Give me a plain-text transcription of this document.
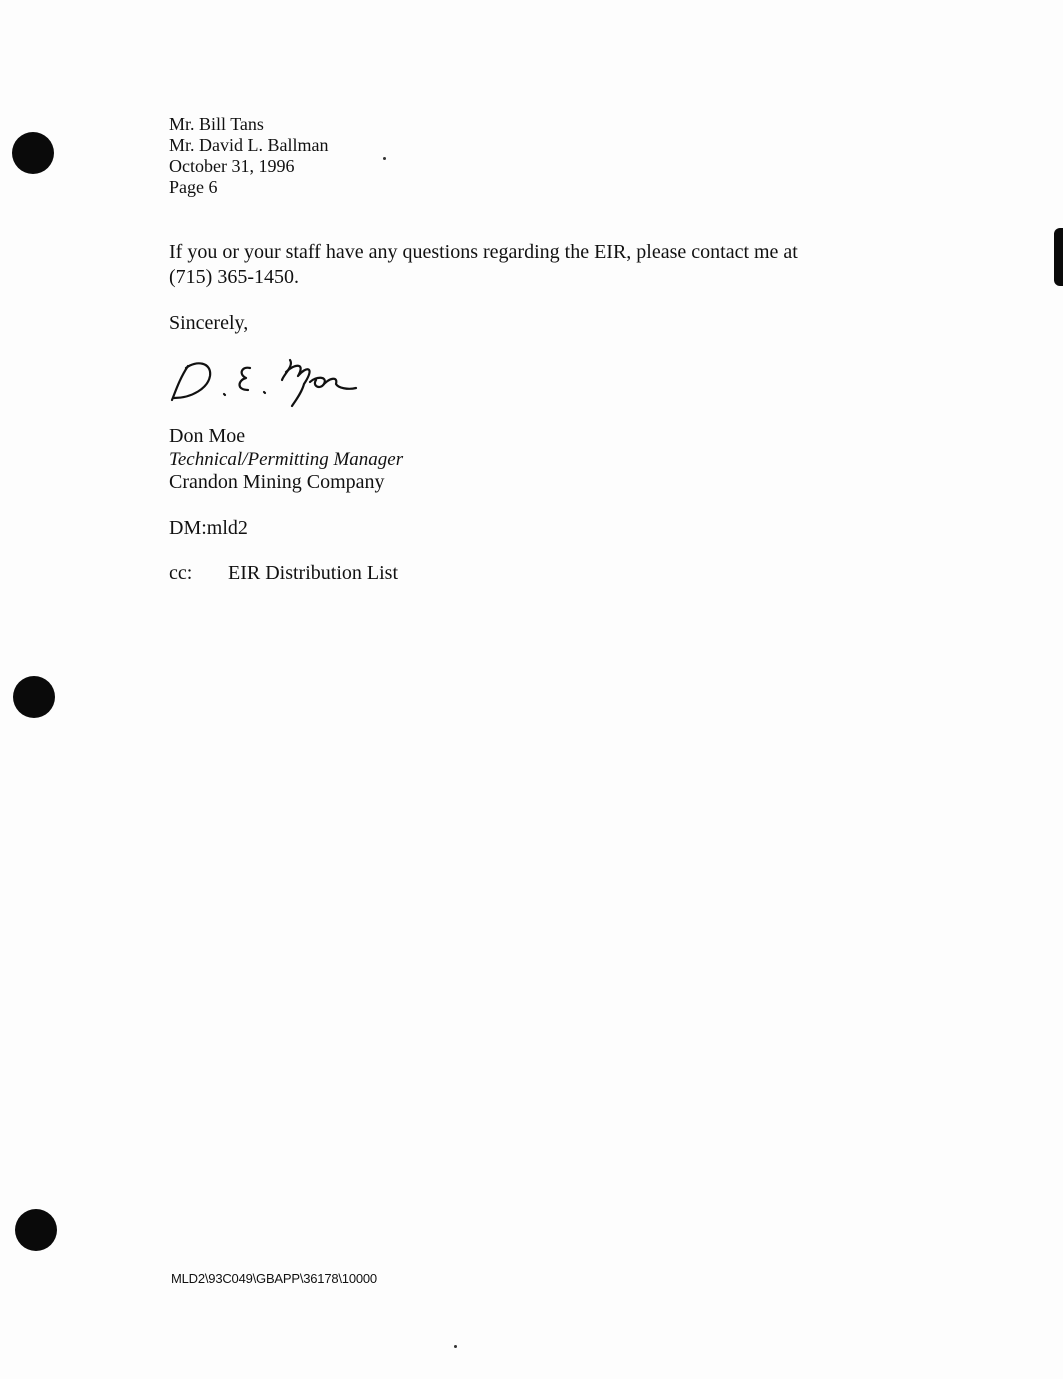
Mr. Bill Tans
Mr. David L. Ballman
October 31, 1996
Page 6
If you or your staff have any questions regarding the EIR, please contact me at
(715) 365-1450.
Sincerely,
Don Moe
Technical/Permitting Manager
Crandon Mining Company
DM:mld2
cc: EIR Distribution List
MLD2\93C049\GBAPP\36178\10000
